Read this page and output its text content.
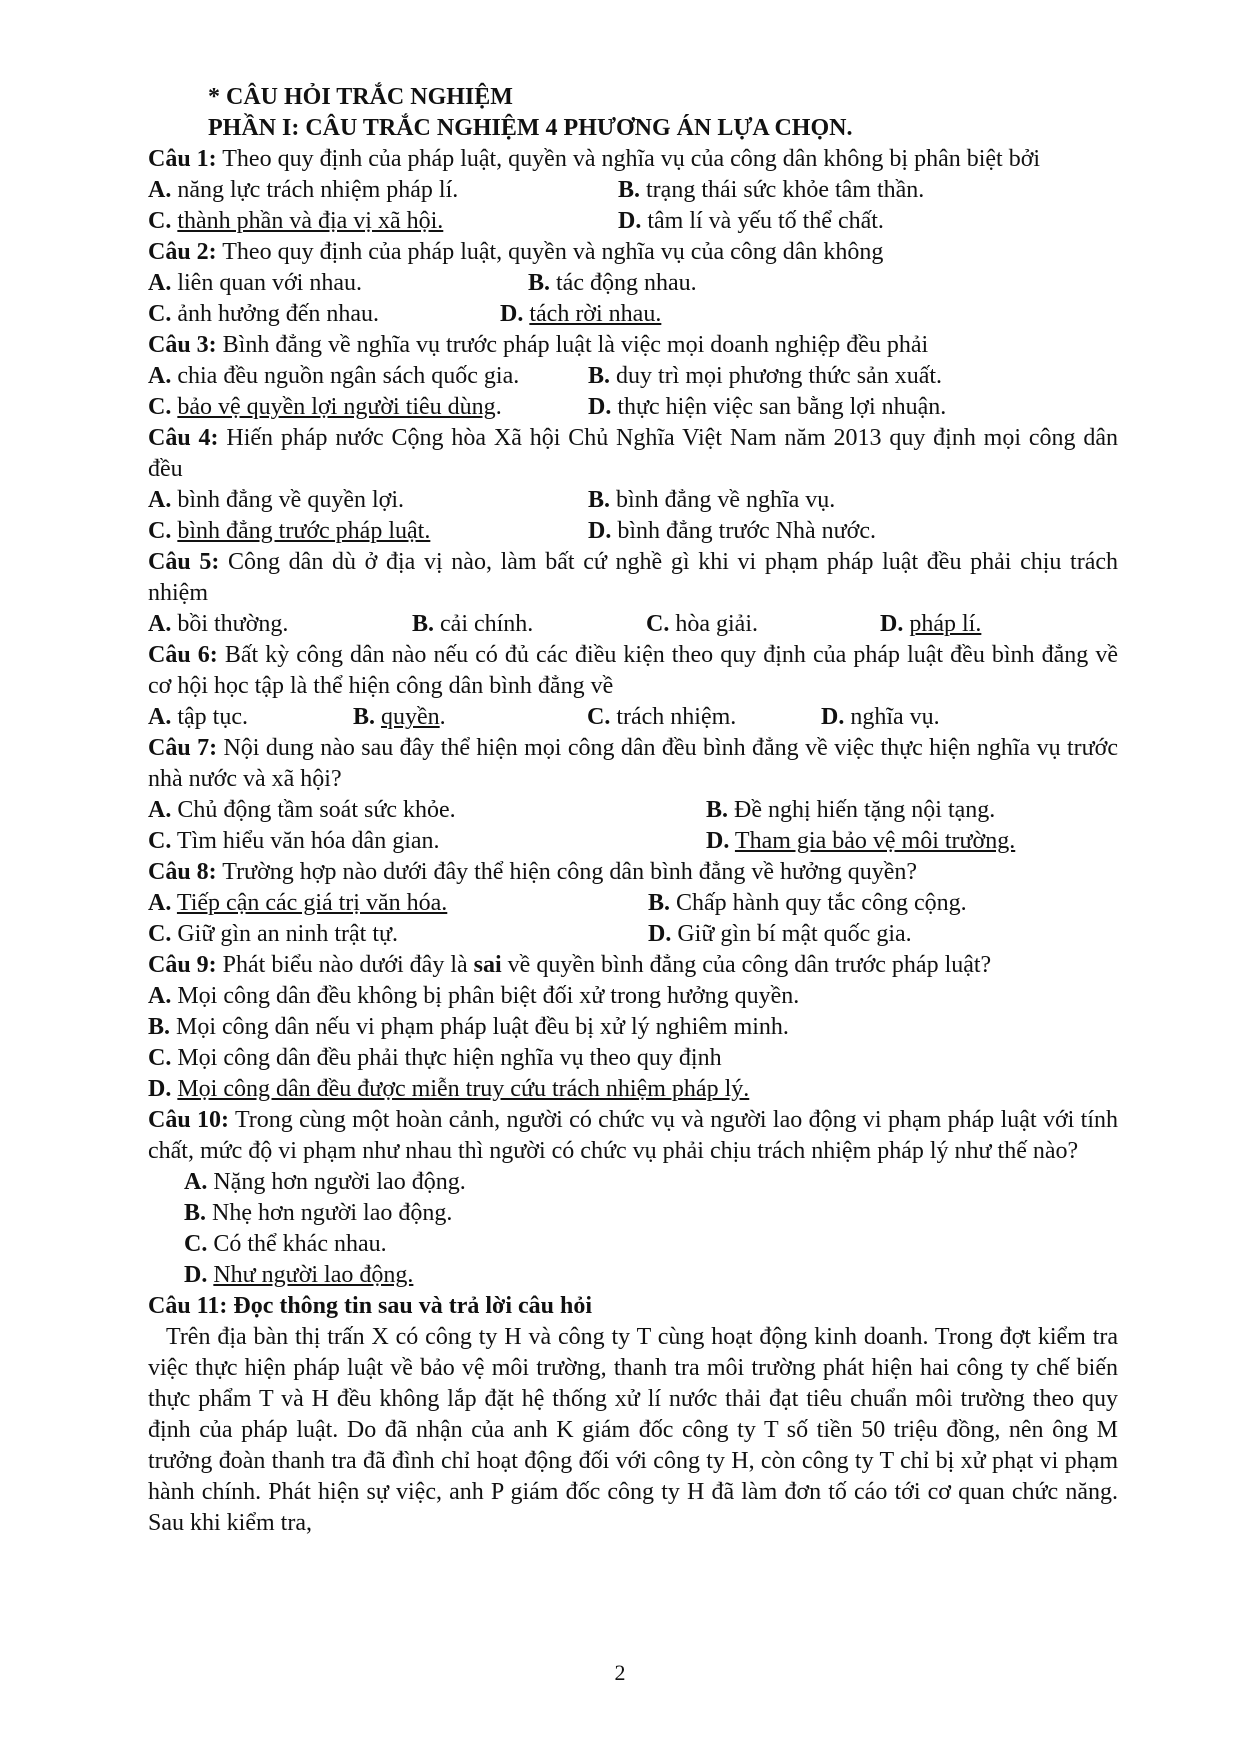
* CÂU HỎI TRẮC NGHIỆM
PHẦN I: CÂU TRẮC NGHIỆM 4 PHƯƠNG ÁN LỰA CHỌN.
Câu 1: Theo quy định của pháp luật, quyền và nghĩa vụ của công dân không bị phân biệt bởi
A. năng lực trách nhiệm pháp lí.	B. trạng thái sức khỏe tâm thần.
C. thành phần và địa vị xã hội.	D. tâm lí và yếu tố thể chất.
Câu 2: Theo quy định của pháp luật, quyền và nghĩa vụ của công dân không
A. liên quan với nhau.	B. tác động nhau.
C. ảnh hưởng đến nhau.	D. tách rời nhau.
Câu 3: Bình đẳng về nghĩa vụ trước pháp luật là việc mọi doanh nghiệp đều phải
A. chia đều nguồn ngân sách quốc gia.	B. duy trì mọi phương thức sản xuất.
C. bảo vệ quyền lợi người tiêu dùng.	D. thực hiện việc san bằng lợi nhuận.
Câu 4: Hiến pháp nước Cộng hòa Xã hội Chủ Nghĩa Việt Nam năm 2013 quy định mọi công dân đều
A. bình đẳng về quyền lợi.	B. bình đẳng về nghĩa vụ.
C. bình đẳng trước pháp luật.	D. bình đẳng trước Nhà nước.
Câu 5: Công dân dù ở địa vị nào, làm bất cứ nghề gì khi vi phạm pháp luật đều phải chịu trách nhiệm
A. bồi thường.	B. cải chính.	C. hòa giải.	D. pháp lí.
Câu 6: Bất kỳ công dân nào nếu có đủ các điều kiện theo quy định của pháp luật đều bình đẳng về cơ hội học tập là thể hiện công dân bình đẳng về
A. tập tục.	B. quyền.	C. trách nhiệm.	D. nghĩa vụ.
Câu 7: Nội dung nào sau đây thể hiện mọi công dân đều bình đẳng về việc thực hiện nghĩa vụ trước nhà nước và xã hội?
A. Chủ động tầm soát sức khỏe.	B. Đề nghị hiến tặng nội tạng.
C. Tìm hiểu văn hóa dân gian.	D. Tham gia bảo vệ môi trường.
Câu 8: Trường hợp nào dưới đây thể hiện công dân bình đẳng về hưởng quyền?
A. Tiếp cận các giá trị văn hóa.	B. Chấp hành quy tắc công cộng.
C. Giữ gìn an ninh trật tự.	D. Giữ gìn bí mật quốc gia.
Câu 9: Phát biểu nào dưới đây là sai về quyền bình đẳng của công dân trước pháp luật?
A. Mọi công dân đều không bị phân biệt đối xử trong hưởng quyền.
B. Mọi công dân nếu vi phạm pháp luật đều bị xử lý nghiêm minh.
C. Mọi công dân đều phải thực hiện nghĩa vụ theo quy định
D. Mọi công dân đều được miễn truy cứu trách nhiệm pháp lý.
Câu 10: Trong cùng một hoàn cảnh, người có chức vụ và người lao động vi phạm pháp luật với tính chất, mức độ vi phạm như nhau thì người có chức vụ phải chịu trách nhiệm pháp lý như thế nào?
A. Nặng hơn người lao động.
B. Nhẹ hơn người lao động.
C. Có thể khác nhau.
D. Như người lao động.
Câu 11: Đọc thông tin sau và trả lời câu hỏi
Trên địa bàn thị trấn X có công ty H và công ty T cùng hoạt động kinh doanh. Trong đợt kiểm tra việc thực hiện pháp luật về bảo vệ môi trường, thanh tra môi trường phát hiện hai công ty chế biến thực phẩm T và H đều không lắp đặt hệ thống xử lí nước thải đạt tiêu chuẩn môi trường theo quy định của pháp luật. Do đã nhận của anh K giám đốc công ty T số tiền 50 triệu đồng, nên ông M trưởng đoàn thanh tra đã đình chỉ hoạt động đối với công ty H, còn công ty T chỉ bị xử phạt vi phạm hành chính. Phát hiện sự việc, anh P giám đốc công ty H đã làm đơn tố cáo tới cơ quan chức năng. Sau khi kiểm tra,
2
